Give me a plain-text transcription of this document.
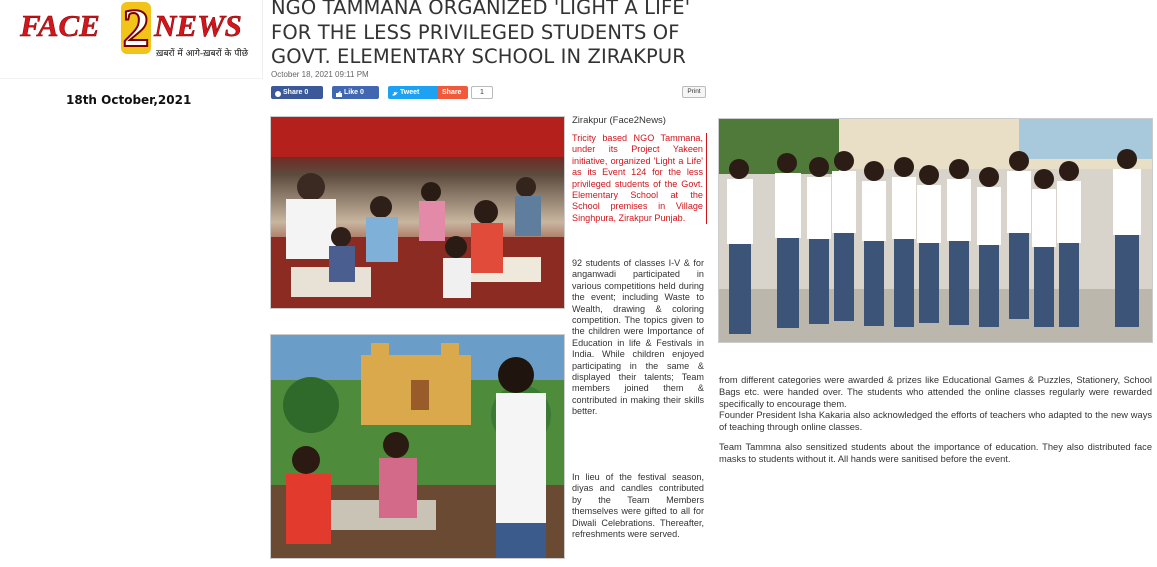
FACE 2 NEWS
ख़बरों में आगे-ख़बरों के पीछे
18th October,2021
NGO TAMMANA ORGANIZED 'LIGHT A LIFE' FOR THE LESS PRIVILEGED STUDENTS OF GOVT. ELEMENTARY SCHOOL IN ZIRAKPUR
October 18, 2021 09:11 PM
Share 0	Like 0	Tweet	Share	1	Print
Zirakpur (Face2News)
Tricity based NGO Tammana, under its Project Yakeen initiative, organized 'Light a Life' as its Event 124 for the less privileged students of the Govt. Elementary School at the School premises in Village Singhpura, Zirakpur Punjab.
92 students of classes I-V & for anganwadi participated in various competitions held during the event; including Waste to Wealth, drawing & coloring competition. The topics given to the children were Importance of Education in life & Festivals in India. While children enjoyed participating in the same & displayed their talents; Team members joined them & contributed in making their skills better.
In lieu of the festival season, diyas and candles contributed by the Team Members themselves were gifted to all for Diwali Celebrations. Thereafter, refreshments were served.
from different categories were awarded & prizes like Educational Games & Puzzles, Stationery, School Bags etc. were handed over. The students who attended the online classes regularly were rewarded specifically to encourage them.
Founder President Isha Kakaria also acknowledged the efforts of teachers who adapted to the new ways of teaching through online classes.
Team Tammna also sensitized students about the importance of education. They also distributed face masks to students without it. All hands were sanitised before the event.
